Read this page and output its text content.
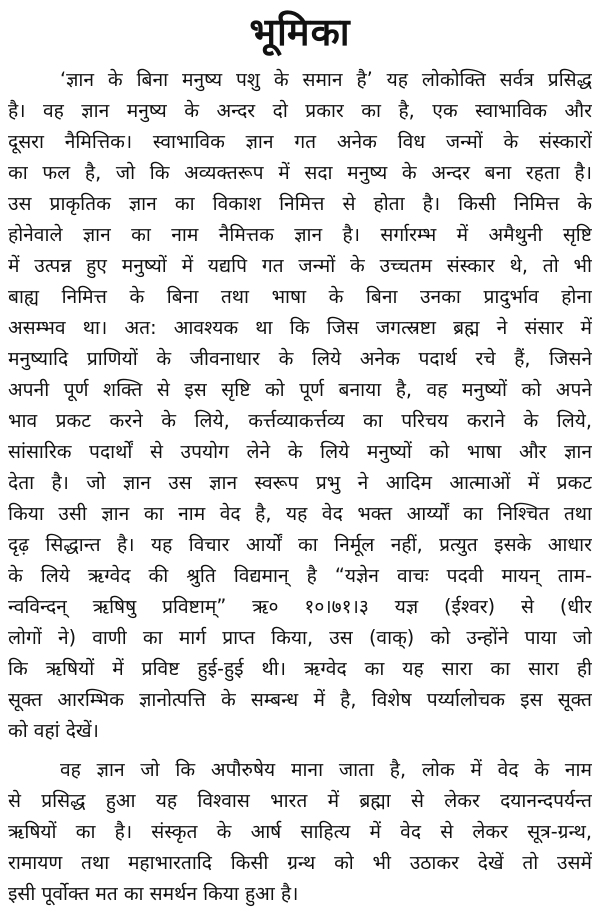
भूमिका
‘ज्ञान के बिना मनुष्य पशु के समान है’ यह लोकोक्ति सर्वत्र प्रसिद्ध
है। वह ज्ञान मनुष्य के अन्दर दो प्रकार का है, एक स्वाभाविक और
दूसरा नैमित्तिक। स्वाभाविक ज्ञान गत अनेक विध जन्मों के संस्कारों
का फल है, जो कि अव्यक्तरूप में सदा मनुष्य के अन्दर बना रहता है।
उस प्राकृतिक ज्ञान का विकाश निमित्त से होता है। किसी निमित्त के
होनेवाले ज्ञान का नाम नैमित्तक ज्ञान है। सर्गारम्भ में अमैथुनी सृष्टि
में उत्पन्न हुए मनुष्यों में यद्यपि गत जन्मों के उच्चतम संस्कार थे, तो भी
बाह्य निमित्त के बिना तथा भाषा के बिना उनका प्रादुर्भाव होना
असम्भव था। अत: आवश्यक था कि जिस जगत्स्रष्टा ब्रह्म ने संसार में
मनुष्यादि प्राणियों के जीवनाधार के लिये अनेक पदार्थ रचे हैं, जिसने
अपनी पूर्ण शक्ति से इस सृष्टि को पूर्ण बनाया है, वह मनुष्यों को अपने
भाव प्रकट करने के लिये, कर्त्तव्याकर्त्तव्य का परिचय कराने के लिये,
सांसारिक पदार्थों से उपयोग लेने के लिये मनुष्यों को भाषा और ज्ञान
देता है। जो ज्ञान उस ज्ञान स्वरूप प्रभु ने आदिम आत्माओं में प्रकट
किया उसी ज्ञान का नाम वेद है, यह वेद भक्त आर्य्यों का निश्चित तथा
दृढ़ सिद्धान्त है। यह विचार आर्यों का निर्मूल नहीं, प्रत्युत इसके आधार
के लिये ऋग्वेद की श्रुति विद्यमान् है “यज्ञेन वाचः पदवी मायन् ताम-
न्वविन्दन् ऋषिषु प्रविष्टाम्” ऋ० १०।७१।३ यज्ञ (ईश्वर) से (धीर
लोगों ने) वाणी का मार्ग प्राप्त किया, उस (वाक्) को उन्होंने पाया जो
कि ऋषियों में प्रविष्ट हुई-हुई थी। ऋग्वेद का यह सारा का सारा ही
सूक्त आरम्भिक ज्ञानोत्पत्ति के सम्बन्ध में है, विशेष पर्य्यालोचक इस सूक्त
को वहां देखें।
वह ज्ञान जो कि अपौरुषेय माना जाता है, लोक में वेद के नाम
से प्रसिद्ध हुआ यह विश्वास भारत में ब्रह्मा से लेकर दयानन्दपर्यन्त
ऋषियों का है। संस्कृत के आर्ष साहित्य में वेद से लेकर सूत्र-ग्रन्थ,
रामायण तथा महाभारतादि किसी ग्रन्थ को भी उठाकर देखें तो उसमें
इसी पूर्वोक्त मत का समर्थन किया हुआ है।
